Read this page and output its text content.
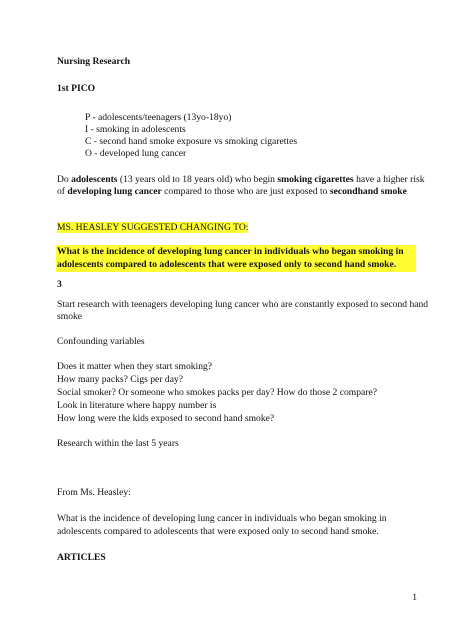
Nursing Research
1st PICO
P - adolescents/teenagers (13yo-18yo)
I - smoking in adolescents
C - second hand smoke exposure vs smoking cigarettes
O - developed lung cancer
Do adolescents (13 years old to 18 years old) who begin smoking cigarettes have a higher risk
of developing lung cancer compared to those who are just exposed to secondhand smoke
MS. HEASLEY SUGGESTED CHANGING TO:
What is the incidence of developing lung cancer in individuals who began smoking in
adolescents compared to adolescents that were exposed only to second hand smoke.
3
Start research with teenagers developing lung cancer who are constantly exposed to second hand
smoke
Confounding variables
Does it matter when they start smoking?
How many packs? Cigs per day?
Social smoker? Or someone who smokes packs per day? How do those 2 compare?
Look in literature where happy number is
How long were the kids exposed to second hand smoke?
Research within the last 5 years
From Ms. Heasley:
What is the incidence of developing lung cancer in individuals who began smoking in
adolescents compared to adolescents that were exposed only to second hand smoke.
ARTICLES
1
